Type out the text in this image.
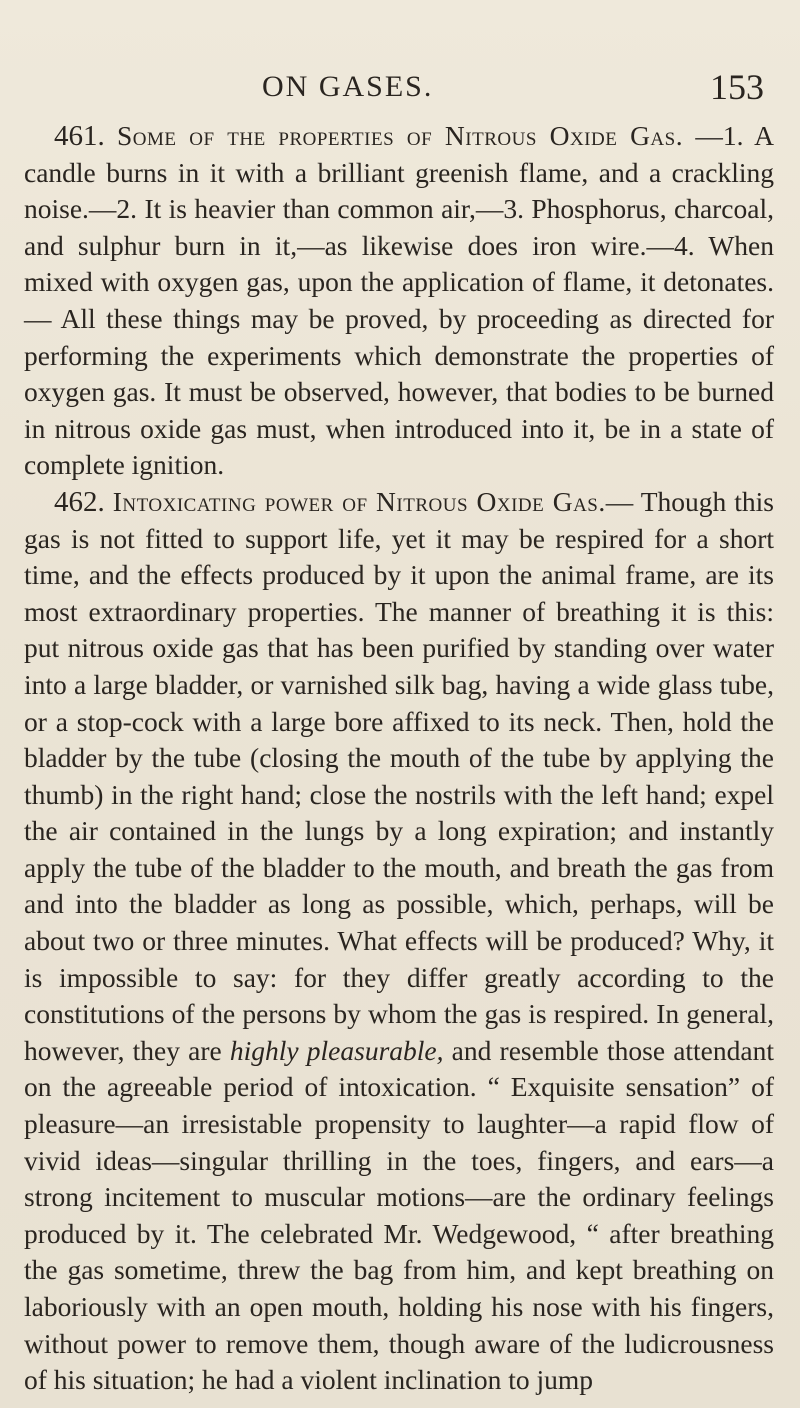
ON GASES.	153

461. Some of the properties of Nitrous Oxide Gas. —1. A candle burns in it with a brilliant greenish flame, and a crackling noise.—2. It is heavier than common air,—3. Phosphorus, charcoal, and sulphur burn in it,—as likewise does iron wire.—4. When mixed with oxygen gas, upon the application of flame, it detonates.— All these things may be proved, by proceeding as directed for performing the experiments which demonstrate the properties of oxygen gas. It must be observed, however, that bodies to be burned in nitrous oxide gas must, when introduced into it, be in a state of complete ignition.

462. Intoxicating power of Nitrous Oxide Gas.— Though this gas is not fitted to support life, yet it may be respired for a short time, and the effects produced by it upon the animal frame, are its most extraordinary properties. The manner of breathing it is this: put nitrous oxide gas that has been purified by standing over water into a large bladder, or varnished silk bag, having a wide glass tube, or a stop-cock with a large bore affixed to its neck. Then, hold the bladder by the tube (closing the mouth of the tube by applying the thumb) in the right hand; close the nostrils with the left hand; expel the air contained in the lungs by a long expiration; and instantly apply the tube of the bladder to the mouth, and breath the gas from and into the bladder as long as possible, which, perhaps, will be about two or three minutes. What effects will be produced? Why, it is impossible to say: for they differ greatly according to the constitutions of the persons by whom the gas is respired. In general, however, they are highly pleasurable, and resemble those attendant on the agreeable period of intoxication. “ Exquisite sensation” of pleasure—an irresistable propensity to laughter—a rapid flow of vivid ideas—singular thrilling in the toes, fingers, and ears—a strong incitement to muscular motions—are the ordinary feelings produced by it. The celebrated Mr. Wedgewood, “ after breathing the gas sometime, threw the bag from him, and kept breathing on laboriously with an open mouth, holding his nose with his fingers, without power to remove them, though aware of the ludicrousness of his situation; he had a violent inclination to jump
